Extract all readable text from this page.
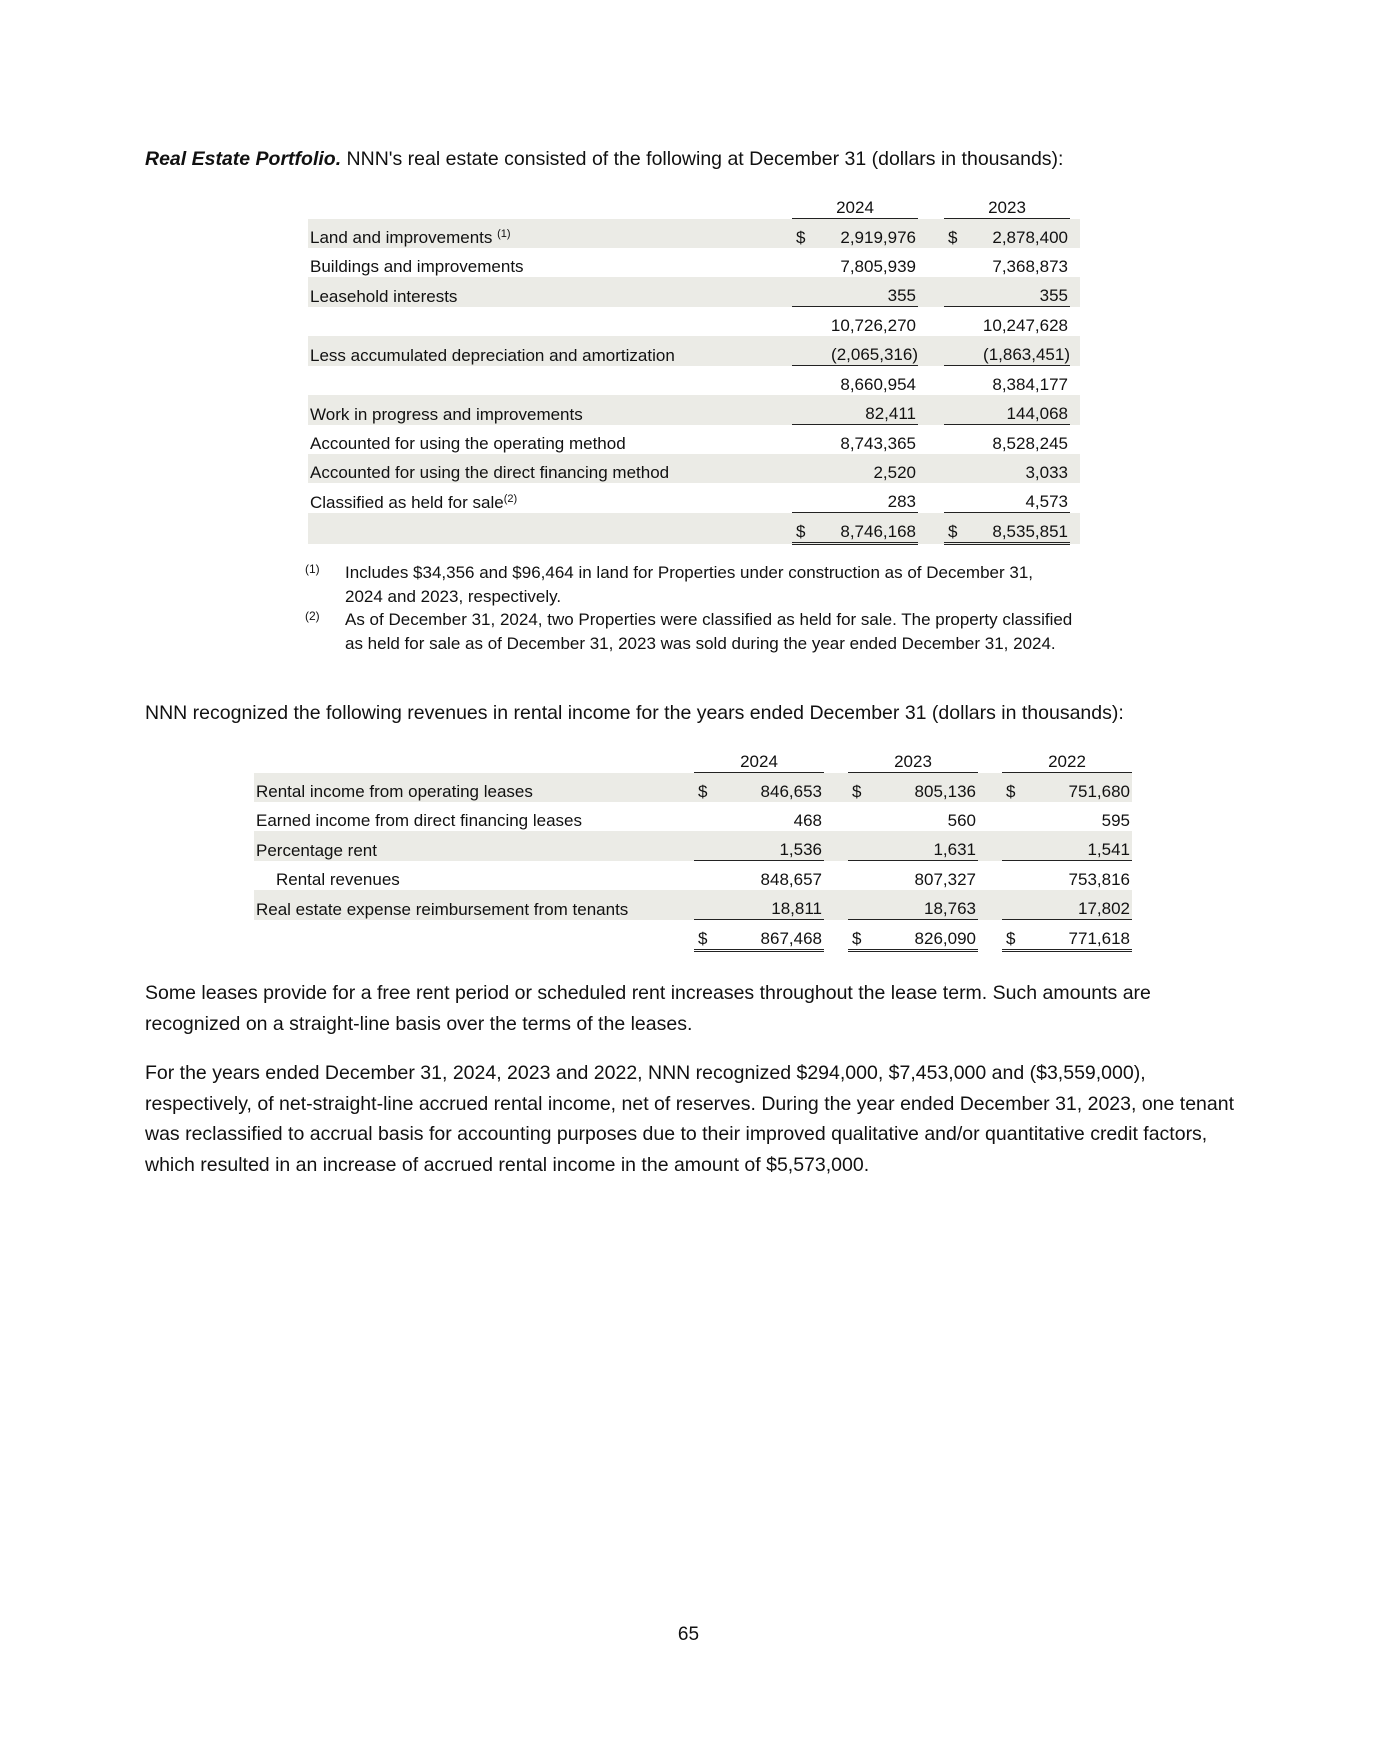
Real Estate Portfolio. NNN's real estate consisted of the following at December 31 (dollars in thousands):

	2024			2023		
Land and improvements $^{(1)}$	$	2,919,976		$	2,878,400	
Buildings and improvements		7,805,939			7,368,873	
Leasehold interests		355			355	
		10,726,270			10,247,628	
Less accumulated depreciation and amortization		(2,065,316)			(1,863,451)	
		8,660,954			8,384,177	
Work in progress and improvements		82,411			144,068	
Accounted for using the operating method		8,743,365			8,528,245	
Accounted for using the direct financing method		2,520			3,033	
Classified as held for sale$^{(2)}$		283			4,573	
	$	8,746,168		$	8,535,851	
(1) Includes $34,356 and $96,464 in land for Properties under construction as of December 31, 2024 and 2023, respectively.
(2) As of December 31, 2024, two Properties were classified as held for sale. The property classified as held for sale as of December 31, 2023 was sold during the year ended December 31, 2024.

NNN recognized the following revenues in rental income for the years ended December 31 (dollars in thousands):

	2024			2023			2022	
Rental income from operating leases	$	846,653		$	805,136		$	751,680
Earned income from direct financing leases		468			560			595
Percentage rent		1,536			1,631			1,541
Rental revenues		848,657			807,327			753,816
Real estate expense reimbursement from tenants		18,811			18,763			17,802
	$	867,468		$	826,090		$	771,618

Some leases provide for a free rent period or scheduled rent increases throughout the lease term. Such amounts are recognized on a straight-line basis over the terms of the leases.

For the years ended December 31, 2024, 2023 and 2022, NNN recognized $294,000, $7,453,000 and ($3,559,000), respectively, of net-straight-line accrued rental income, net of reserves. During the year ended December 31, 2023, one tenant was reclassified to accrual basis for accounting purposes due to their improved qualitative and/or quantitative credit factors, which resulted in an increase of accrued rental income in the amount of $5,573,000.

65
